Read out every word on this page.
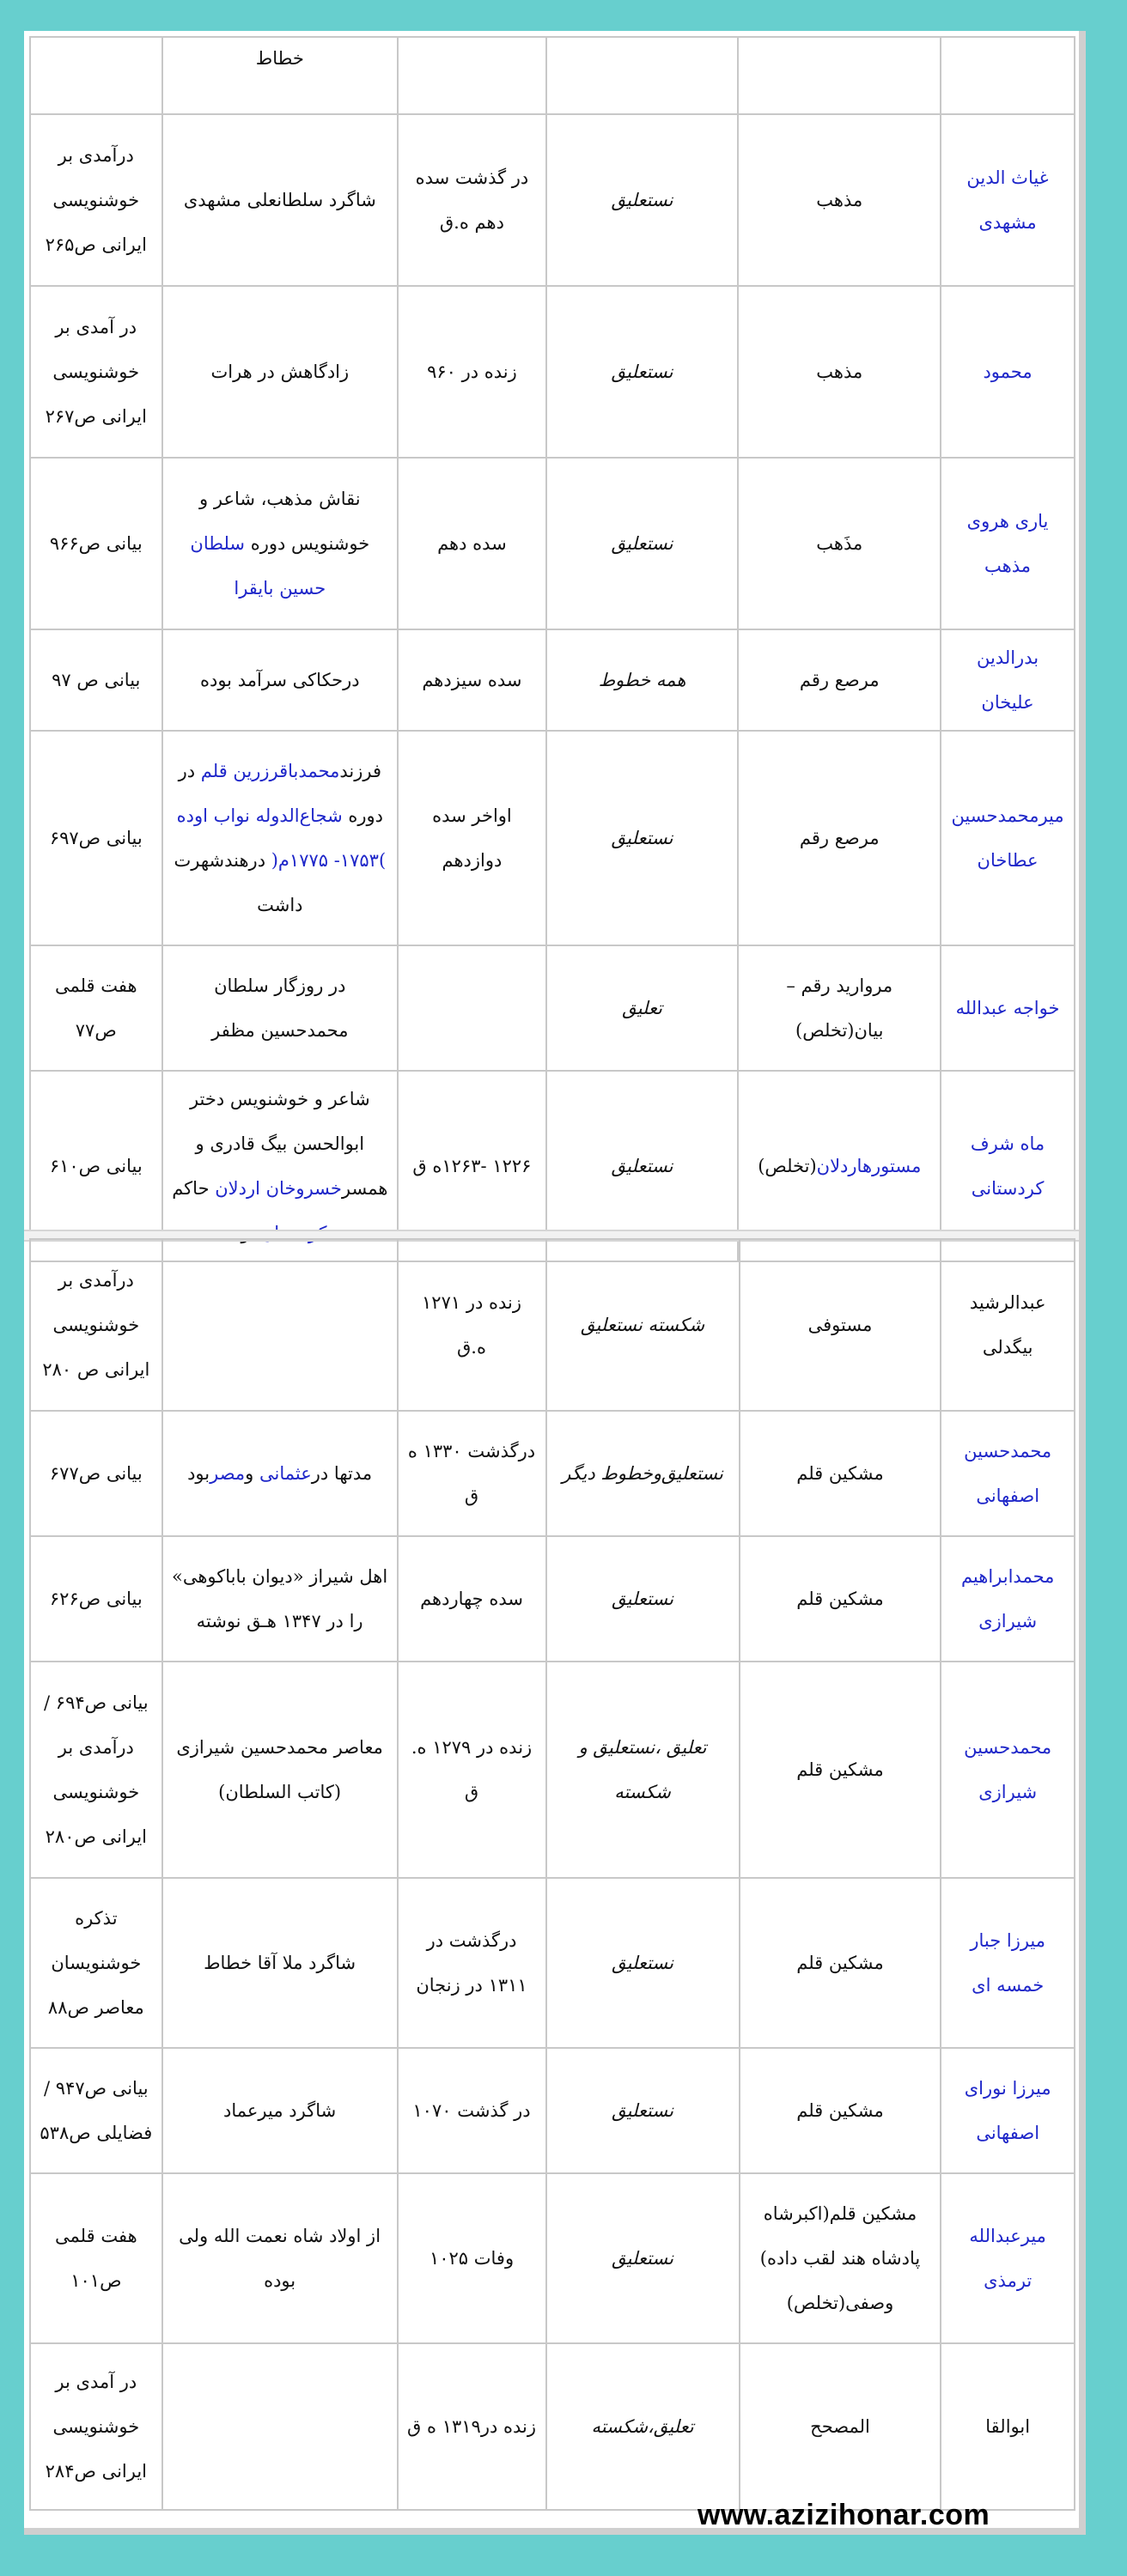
				خطاط	
غیاث الدین مشهدی	مذهب	نستعلیق	در گذشت سده دهم ه.ق	شاگرد سلطانعلی مشهدی	درآمدی بر خوشنویسی ایرانی ص۲۶۵
محمود	مذهب	نستعلیق	زنده در ۹۶۰	زادگاهش در هرات	در آمدی بر خوشنویسی ایرانی ص۲۶۷
یاری هروی مذهب	مذَهب	نستعلیق	سده دهم	نقاش مذهب، شاعر و خوشنویس دوره سلطان حسین بایقرا	بیانی ص۹۶۶
بدرالدین علیخان	مرصع رقم	همه خطوط	سده سیزدهم	درحکاکی سرآمد بوده	بیانی ص ۹۷
میرمحمدحسین عطاخان	مرصع رقم	نستعلیق	اواخر سده دوازدهم	فرزندمحمدباقرزرین قلم در دوره شجاع‌الدوله نواب اوده )۱۷۵۳- ۱۷۷۵م( درهندشهرت داشت	بیانی ص۶۹۷
خواجه عبدالله	مروارید رقم – بیان(تخلص)	تعلیق		در روزگار سلطان محمدحسین مظفر	هفت قلمی ص۷۷
ماه شرف کردستانی	مستورهاردلان(تخلص)	نستعلیق	۱۲۲۶ -۱۲۶۳ه ق	شاعر و خوشنویس دختر ابوالحسن بیگ قادری و همسرخسروخان اردلان حاکم	بیانی ص۶۱۰
عبدالرشید بیگدلی	مستوفی	شکسته نستعلیق	زنده در ۱۲۷۱ ه.ق		درآمدی بر خوشنویسی ایرانی ص ۲۸۰
محمدحسین اصفهانی	مشکین قلم	نستعلیق‌وخطوط دیگر	درگذشت ۱۳۳۰ ه ق	مدتها درعثمانی ومصربود	بیانی ص۶۷۷
محمدابراهیم شیرازی	مشکین قلم	نستعلیق	سده چهاردهم	اهل شیراز «دیوان باباکوهی» را در ۱۳۴۷ هـق نوشته	بیانی ص۶۲۶
محمدحسین شیرازی	مشکین قلم	تعلیق ،نستعلیق و شکسته	زنده در ۱۲۷۹ ه. ق	معاصر محمدحسین شیرازی (کاتب السلطان)	بیانی ص۶۹۴ / درآمدی بر خوشنویسی ایرانی ص۲۸۰
میرزا جبار خمسه ای	مشکین قلم	نستعلیق	درگذشت در ۱۳۱۱ در زنجان	شاگرد ملا آقا خطاط	تذکره خوشنویسان معاصر ص۸۸
میرزا نورای اصفهانی	مشکین قلم	نستعلیق	در گذشت ۱۰۷۰	شاگرد میرعماد	بیانی ص۹۴۷ / فضایلی ص۵۳۸
میرعبدالله ترمذی	مشکین قلم(اکبرشاه پادشاه هند لقب داده) وصفی(تخلص)	نستعلیق	وفات ۱۰۲۵	از اولاد شاه نعمت الله ولی بوده	هفت قلمی ص۱۰۱
ابوالقا	المصحح	تعلیق،شکسته	زنده در۱۳۱۹ ه ق		در آمدی بر خوشنویسی ایرانی ص۲۸۴
www.azizihonar.com
